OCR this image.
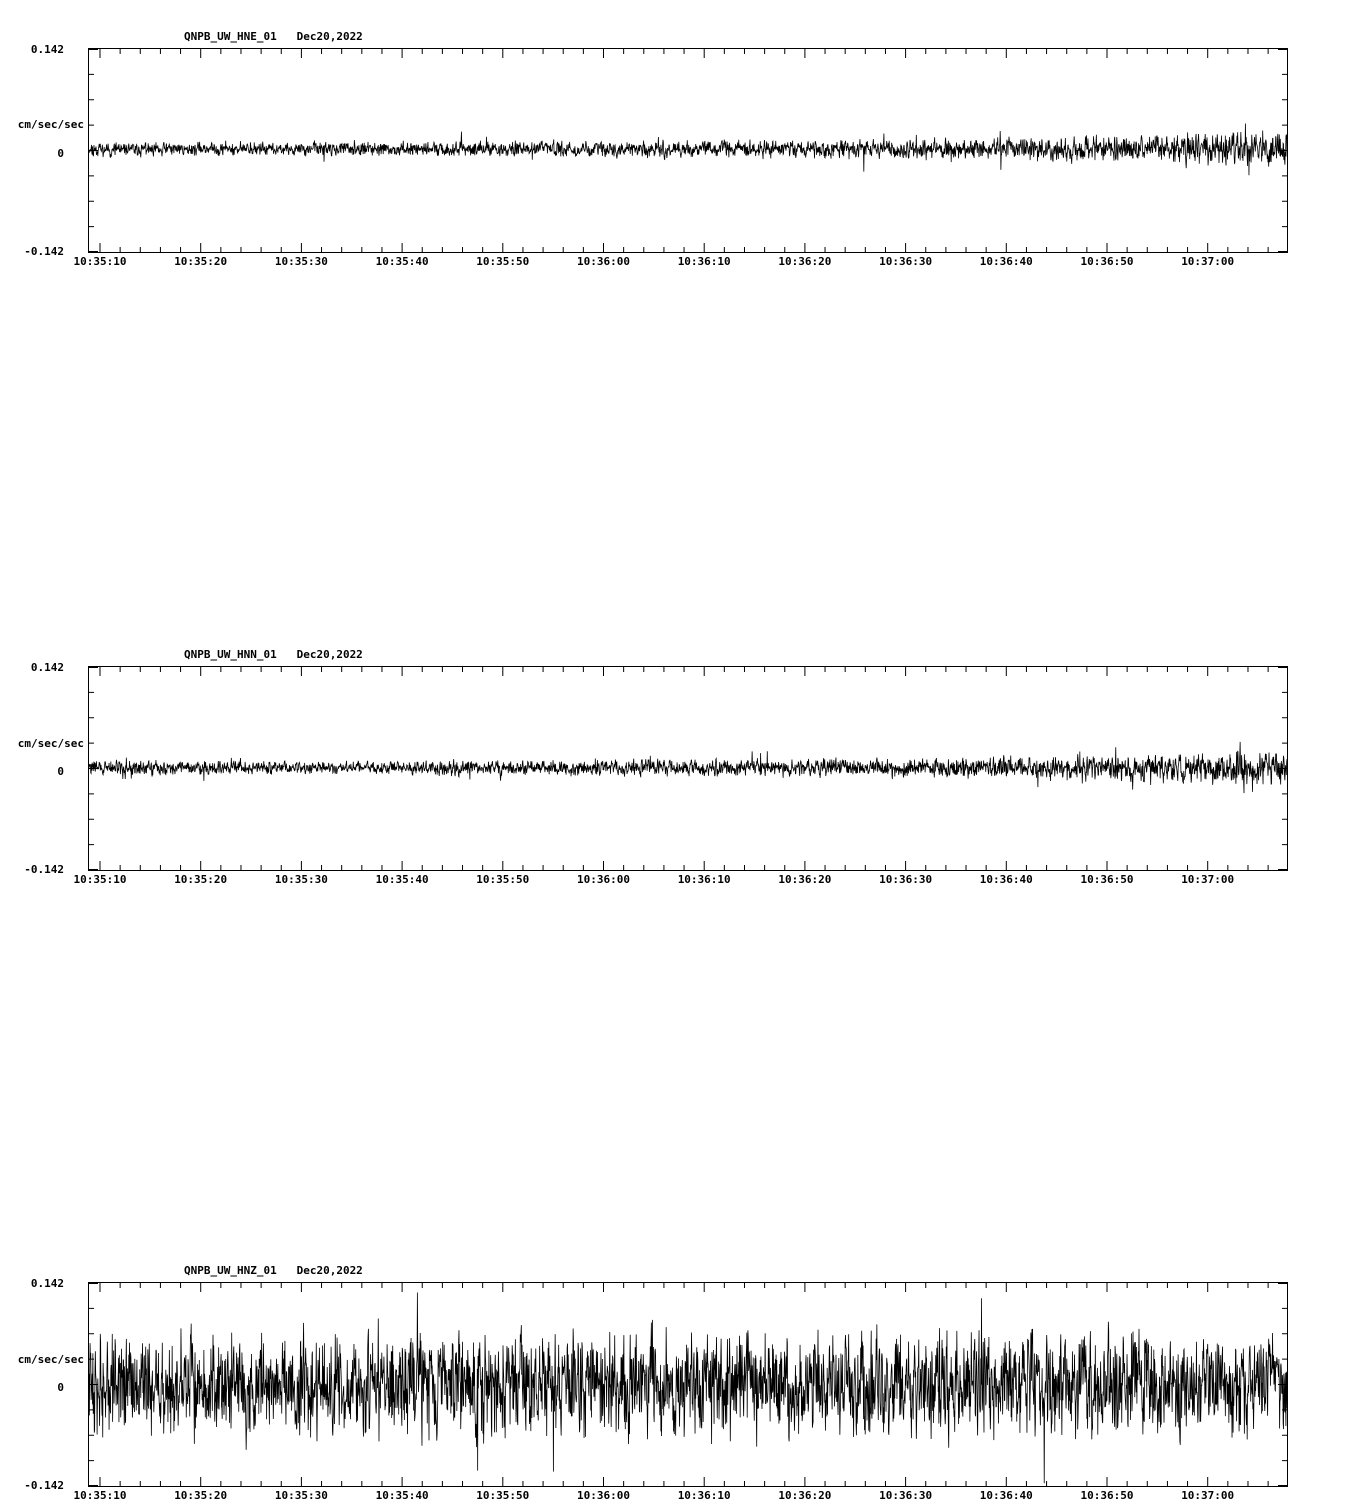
QNPB_UW_HNE_01   Dec20,2022
cm/sec/sec
0.142
0
-0.142
10:35:10	10:35:20	10:35:30	10:35:40	10:35:50	10:36:00	10:36:10	10:36:20	10:36:30	10:36:40	10:36:50	10:37:00
QNPB_UW_HNN_01   Dec20,2022
cm/sec/sec
0.142
0
-0.142
10:35:10	10:35:20	10:35:30	10:35:40	10:35:50	10:36:00	10:36:10	10:36:20	10:36:30	10:36:40	10:36:50	10:37:00
QNPB_UW_HNZ_01   Dec20,2022
cm/sec/sec
0.142
0
-0.142
10:35:10	10:35:20	10:35:30	10:35:40	10:35:50	10:36:00	10:36:10	10:36:20	10:36:30	10:36:40	10:36:50	10:37:00
